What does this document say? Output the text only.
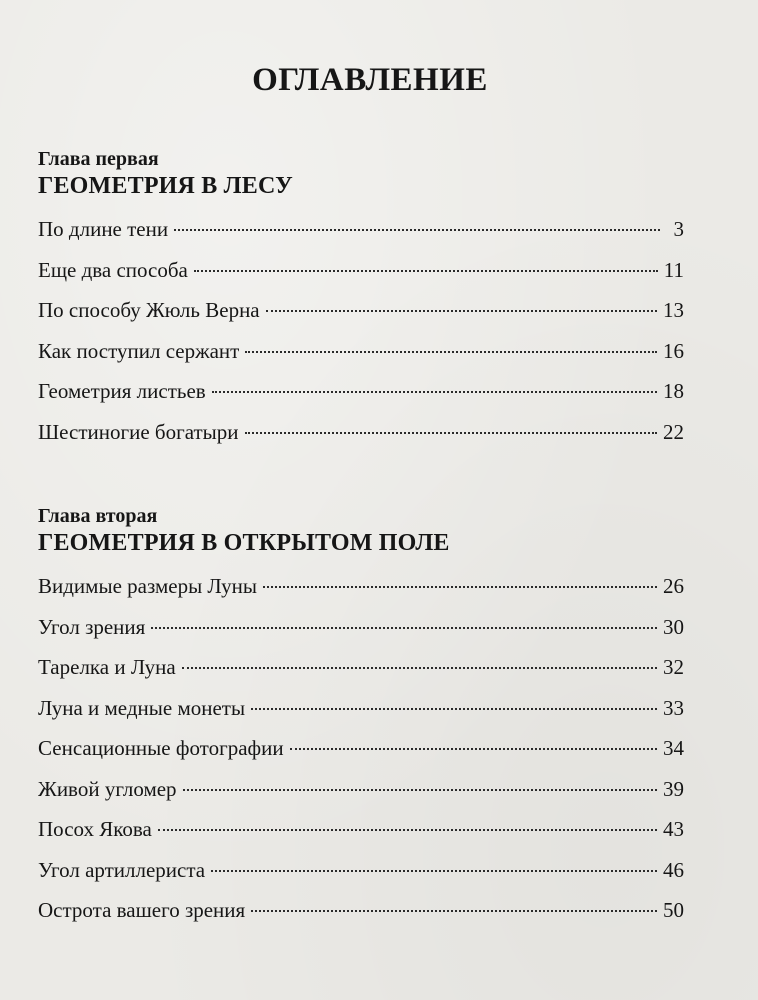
ОГЛАВЛЕНИЕ
Глава первая
ГЕОМЕТРИЯ В ЛЕСУ
По длине тени	3
Еще два способа	11
По способу Жюль Верна	13
Как поступил сержант	16
Геометрия листьев	18
Шестиногие богатыри	22
Глава вторая
ГЕОМЕТРИЯ В ОТКРЫТОМ ПОЛЕ
Видимые размеры Луны	26
Угол зрения	30
Тарелка и Луна	32
Луна и медные монеты	33
Сенсационные фотографии	34
Живой угломер	39
Посох Якова	43
Угол артиллериста	46
Острота вашего зрения	50
